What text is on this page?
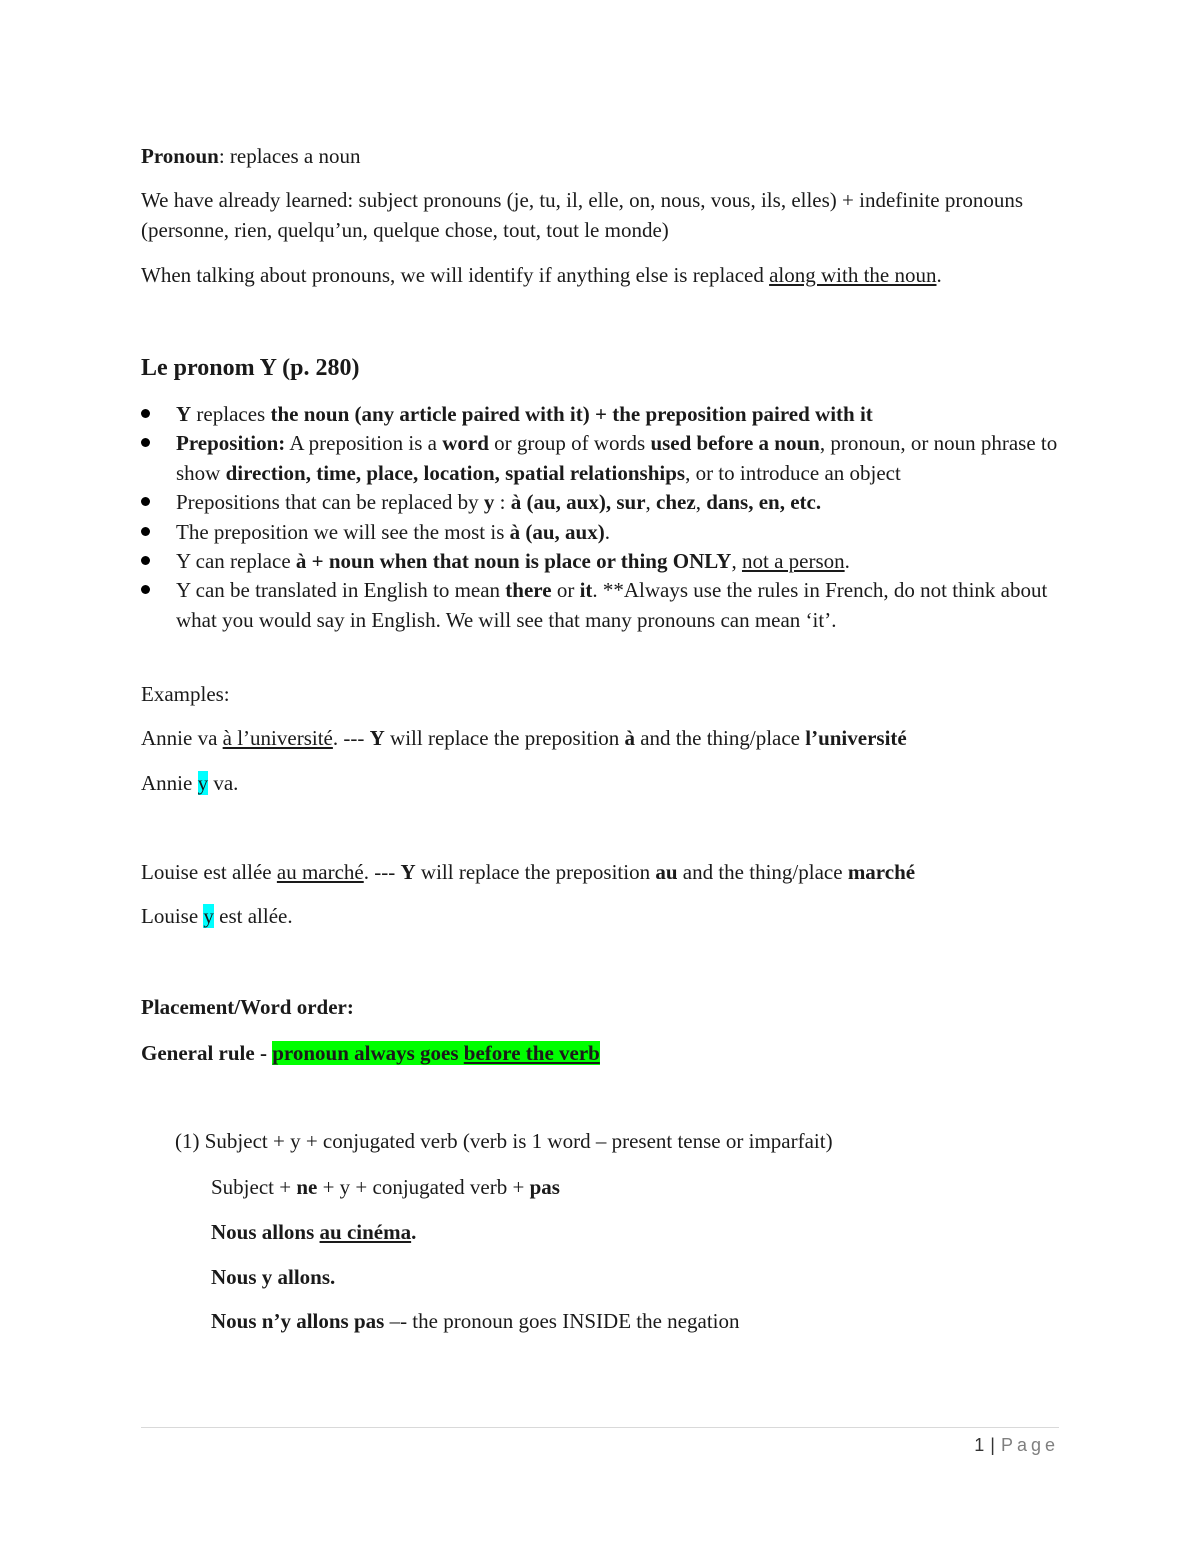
Pronoun: replaces a noun

We have already learned: subject pronouns (je, tu, il, elle, on, nous, vous, ils, elles) + indefinite pronouns (personne, rien, quelqu’un, quelque chose, tout, tout le monde)

When talking about pronouns, we will identify if anything else is replaced along with the noun.

Le pronom Y (p. 280)
Y replaces the noun (any article paired with it) + the preposition paired with it
Preposition: A preposition is a word or group of words used before a noun, pronoun, or noun phrase to show direction, time, place, location, spatial relationships, or to introduce an object
Prepositions that can be replaced by y : à (au, aux), sur, chez, dans, en, etc.
The preposition we will see the most is à (au, aux).
Y can replace à + noun when that noun is place or thing ONLY, not a person.
Y can be translated in English to mean there or it. **Always use the rules in French, do not think about what you would say in English. We will see that many pronouns can mean ‘it’.

Examples:

Annie va à l’université. --- Y will replace the preposition à and the thing/place l’université

Annie y va.

Louise est allée au marché. --- Y will replace the preposition au and the thing/place marché

Louise y est allée.

Placement/Word order:

General rule - pronoun always goes before the verb

(1) Subject + y + conjugated verb (verb is 1 word – present tense or imparfait)

Subject + ne + y + conjugated verb + pas

Nous allons au cinéma.

Nous y allons.

Nous n’y allons pas –- the pronoun goes INSIDE the negation

1 | Page
